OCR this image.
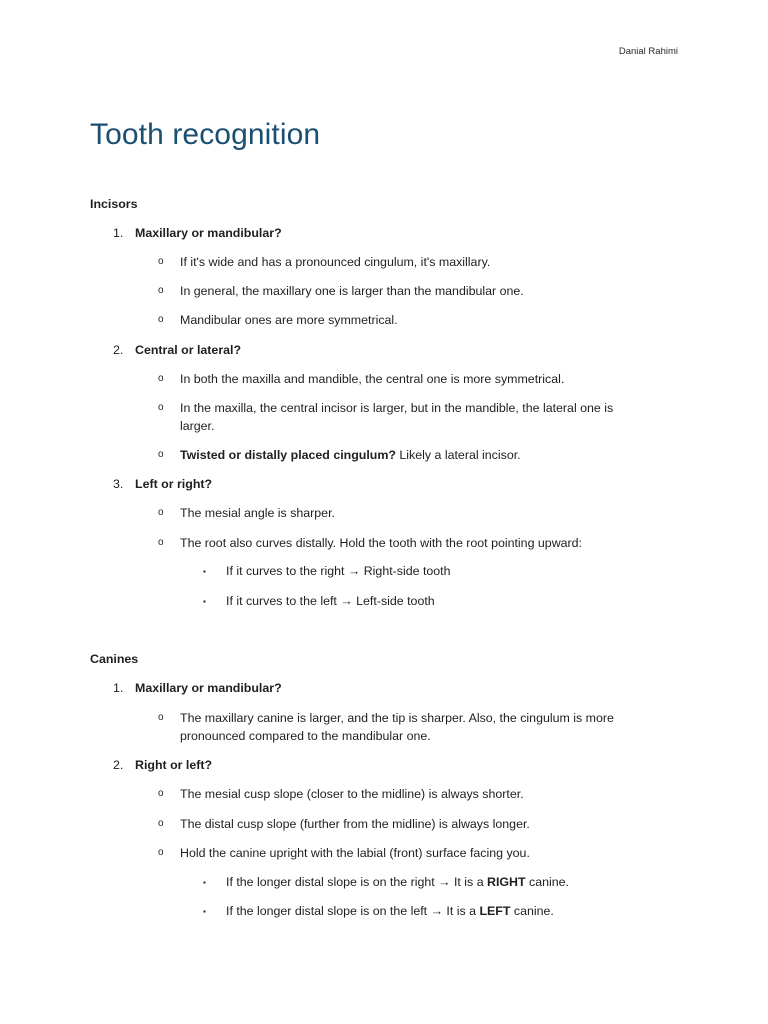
Danial Rahimi
Tooth recognition
Incisors
1. Maxillary or mandibular?
o If it's wide and has a pronounced cingulum, it's maxillary.
o In general, the maxillary one is larger than the mandibular one.
o Mandibular ones are more symmetrical.
2. Central or lateral?
o In both the maxilla and mandible, the central one is more symmetrical.
o In the maxilla, the central incisor is larger, but in the mandible, the lateral one is larger.
o Twisted or distally placed cingulum? Likely a lateral incisor.
3. Left or right?
o The mesial angle is sharper.
o The root also curves distally. Hold the tooth with the root pointing upward:
▪ If it curves to the right → Right-side tooth
▪ If it curves to the left → Left-side tooth
Canines
1. Maxillary or mandibular?
o The maxillary canine is larger, and the tip is sharper. Also, the cingulum is more pronounced compared to the mandibular one.
2. Right or left?
o The mesial cusp slope (closer to the midline) is always shorter.
o The distal cusp slope (further from the midline) is always longer.
o Hold the canine upright with the labial (front) surface facing you.
▪ If the longer distal slope is on the right → It is a RIGHT canine.
▪ If the longer distal slope is on the left → It is a LEFT canine.
